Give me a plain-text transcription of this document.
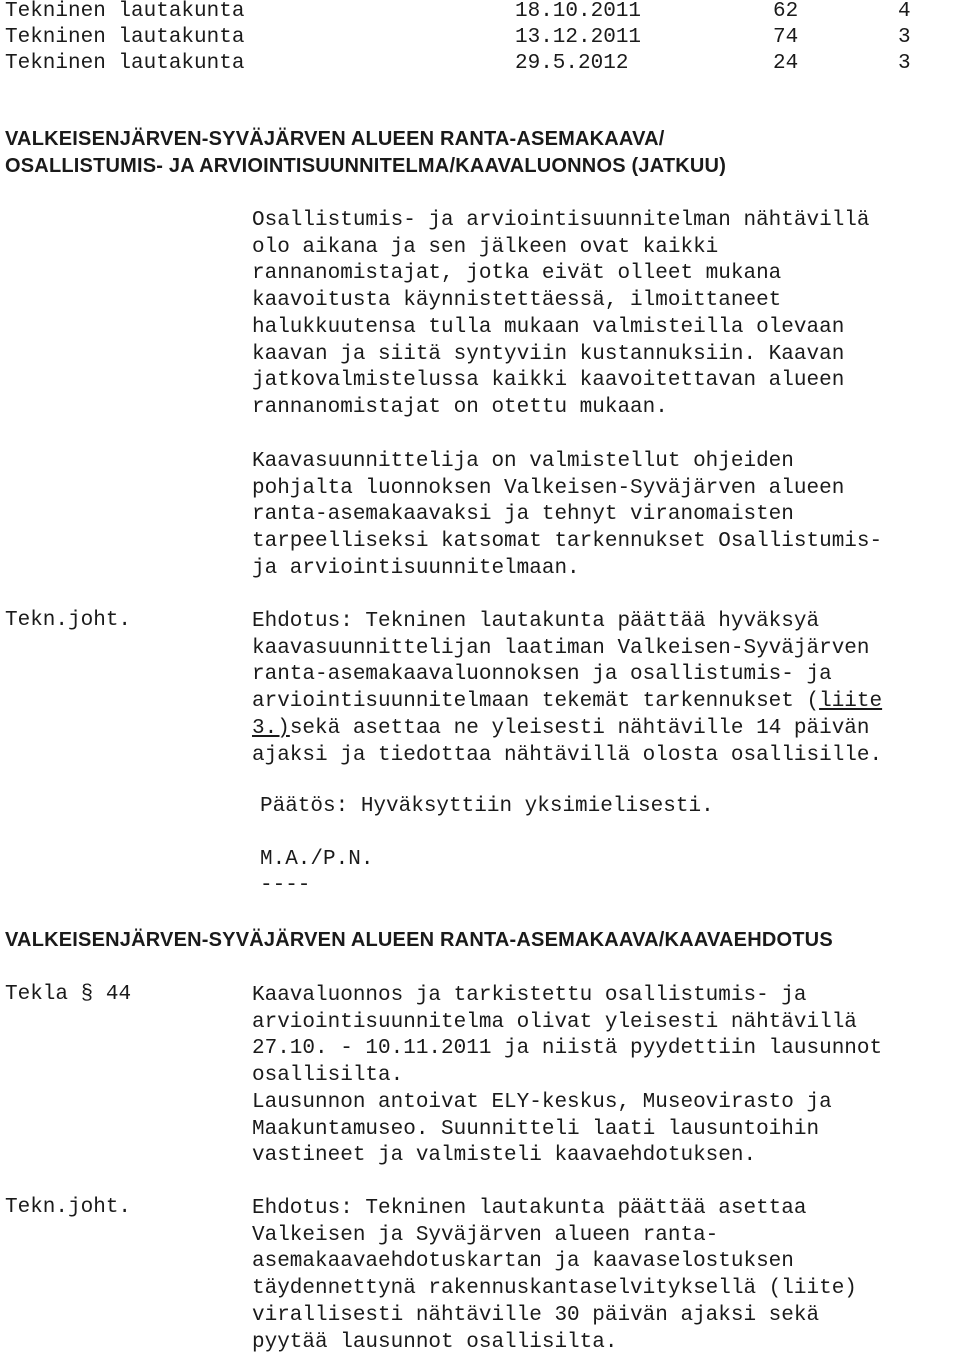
Tekninen lautakunta	18.10.2011	62	4
Tekninen lautakunta	13.12.2011	74	3
Tekninen lautakunta	29.5.2012	24	3
VALKEISENJÄRVEN-SYVÄJÄRVEN ALUEEN RANTA-ASEMAKAAVA/
OSALLISTUMIS- JA ARVIOINTISUUNNITELMA/KAAVALUONNOS (JATKUU)
Osallistumis- ja arviointisuunnitelman nähtävillä
olo aikana ja sen jälkeen ovat kaikki
rannanomistajat, jotka eivät olleet mukana
kaavoitusta käynnistettäessä, ilmoittaneet
halukkuutensa tulla mukaan valmisteilla olevaan
kaavan ja siitä syntyviin kustannuksiin. Kaavan
jatkovalmistelussa kaikki kaavoitettavan alueen
rannanomistajat on otettu mukaan.
Kaavasuunnittelija on valmistellut ohjeiden
pohjalta luonnoksen Valkeisen-Syväjärven alueen
ranta-asemakaavaksi ja tehnyt viranomaisten
tarpeelliseksi katsomat tarkennukset Osallistumis-
ja arviointisuunnitelmaan.
Tekn.joht.	Ehdotus: Tekninen lautakunta päättää hyväksyä
kaavasuunnittelijan laatiman Valkeisen-Syväjärven
ranta-asemakaavaluonnoksen ja osallistumis- ja
arviointisuunnitelmaan tekemät tarkennukset (liite
3.)sekä asettaa ne yleisesti nähtäville 14 päivän
ajaksi ja tiedottaa nähtävillä olosta osallisille.
Päätös: Hyväksyttiin yksimielisesti.
M.A./P.N.
----
VALKEISENJÄRVEN-SYVÄJÄRVEN ALUEEN RANTA-ASEMAKAAVA/KAAVAEHDOTUS
Tekla § 44	Kaavaluonnos ja tarkistettu osallistumis- ja
arviointisuunnitelma olivat yleisesti nähtävillä
27.10. - 10.11.2011 ja niistä pyydettiin lausunnot
osallisilta.
Lausunnon antoivat ELY-keskus, Museovirasto ja
Maakuntamuseo. Suunnitteli laati lausuntoihin
vastineet ja valmisteli kaavaehdotuksen.
Tekn.joht.	Ehdotus: Tekninen lautakunta päättää asettaa
Valkeisen ja Syväjärven alueen ranta-
asemakaavaehdotuskartan ja kaavaselostuksen
täydennettynä rakennuskantaselvityksellä (liite)
virallisesti nähtäville 30 päivän ajaksi sekä
pyytää lausunnot osallisilta.
